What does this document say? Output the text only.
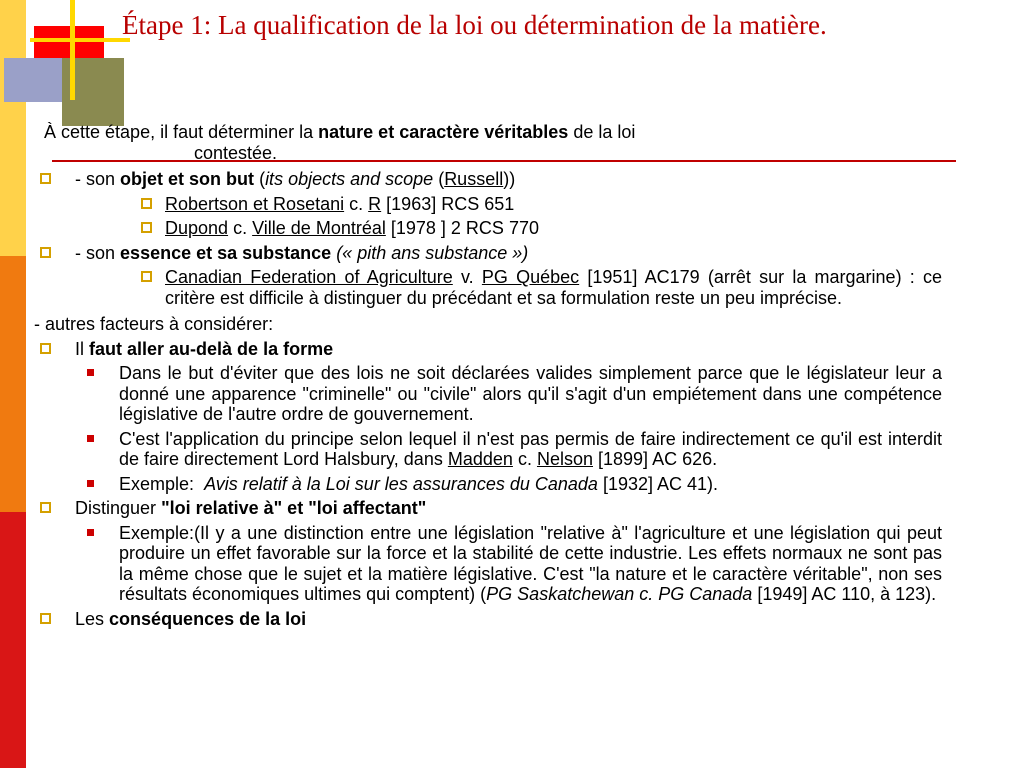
Étape 1: La qualification de la loi ou détermination de la matière.

À cette étape, il faut déterminer la nature et caractère véritables de la loi
contestée.

- son objet et son but (its objects and scope (Russell))
Robertson et Rosetani c. R [1963] RCS 651
Dupond c. Ville de Montréal [1978 ] 2 RCS 770
- son essence et sa substance (« pith ans substance »)
Canadian Federation of Agriculture v. PG Québec [1951] AC179 (arrêt sur la margarine) : ce critère est difficile à distinguer du précédant et sa formulation reste un peu imprécise.
- autres facteurs à considérer:
Il faut aller au-delà de la forme
Dans le but d'éviter que des lois ne soit déclarées valides simplement parce que le législateur leur a donné une apparence "criminelle" ou "civile" alors qu'il s'agit d'un empiétement dans une compétence législative de l'autre ordre de gouvernement.
C'est l'application du principe selon lequel il n'est pas permis de faire indirectement ce qu'il est interdit de faire directement Lord Halsbury, dans Madden c. Nelson [1899] AC 626.
Exemple: Avis relatif à la Loi sur les assurances du Canada [1932] AC 41).
Distinguer "loi relative à" et "loi affectant"
Exemple:(Il y a une distinction entre une législation "relative à" l'agriculture et une législation qui peut produire un effet favorable sur la force et la stabilité de cette industrie. Les effets normaux ne sont pas la même chose que le sujet et la matière législative. C'est "la nature et le caractère véritable", non ses résultats économiques ultimes qui comptent) (PG Saskatchewan c. PG Canada [1949] AC 110, à 123).
Les conséquences de la loi
